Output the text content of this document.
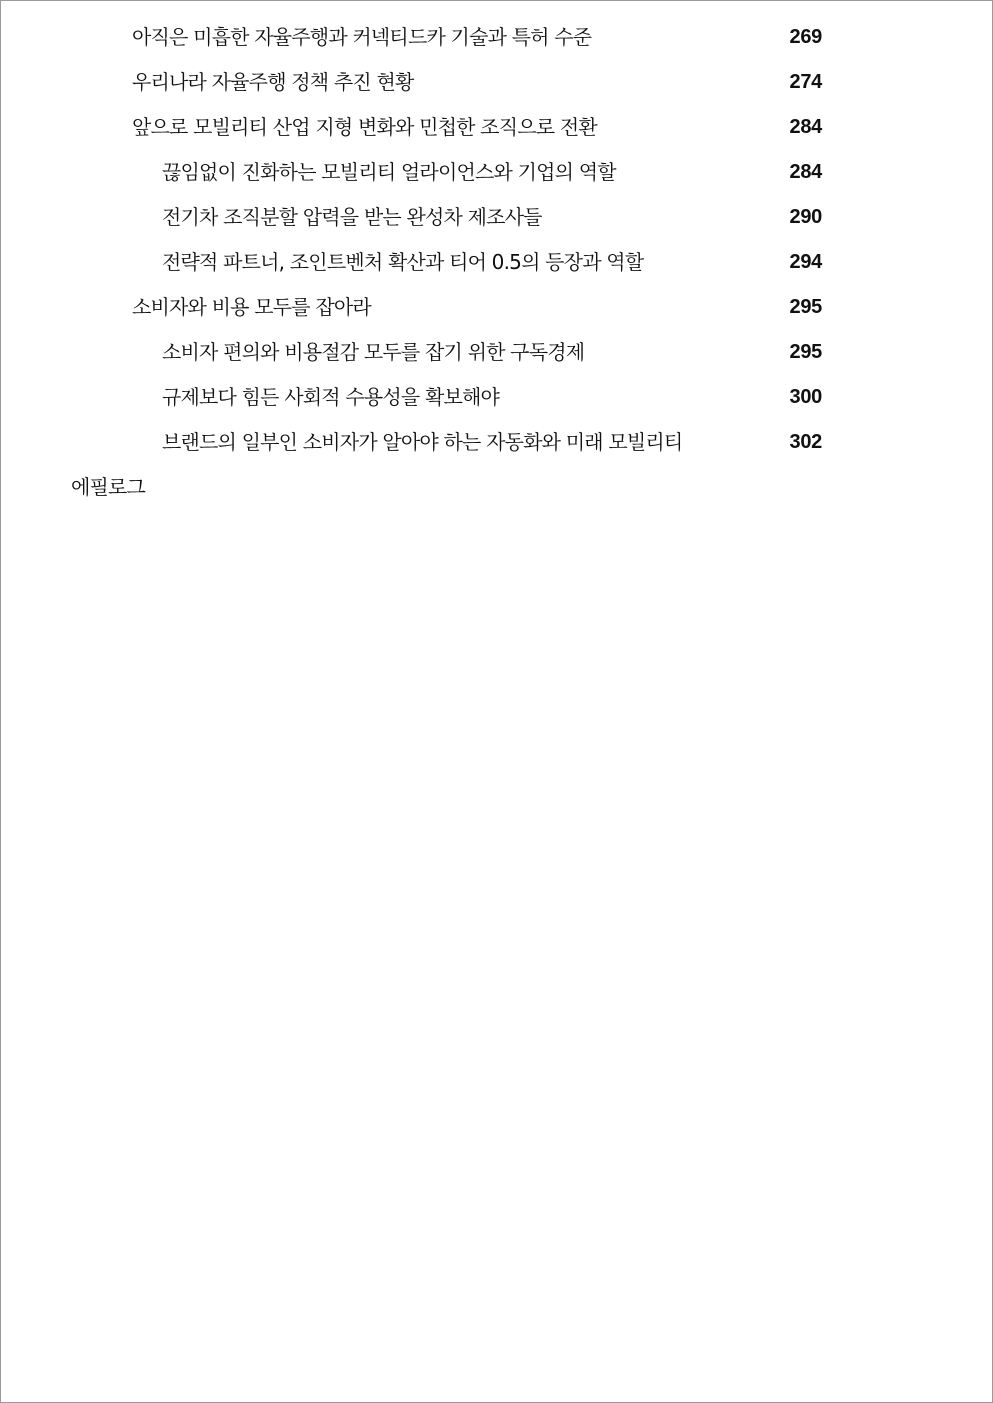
아직은 미흡한 자율주행과 커넥티드카 기술과 특허 수준	269
우리나라 자율주행 정책 추진 현황	274
앞으로 모빌리티 산업 지형 변화와 민첩한 조직으로 전환	284
끊임없이 진화하는 모빌리티 얼라이언스와 기업의 역할	284
전기차 조직분할 압력을 받는 완성차 제조사들	290
전략적 파트너, 조인트벤처 확산과 티어 0.5의 등장과 역할	294
소비자와 비용 모두를 잡아라	295
소비자 편의와 비용절감 모두를 잡기 위한 구독경제	295
규제보다 힘든 사회적 수용성을 확보해야	300
브랜드의 일부인 소비자가 알아야 하는 자동화와 미래 모빌리티	302
에필로그
